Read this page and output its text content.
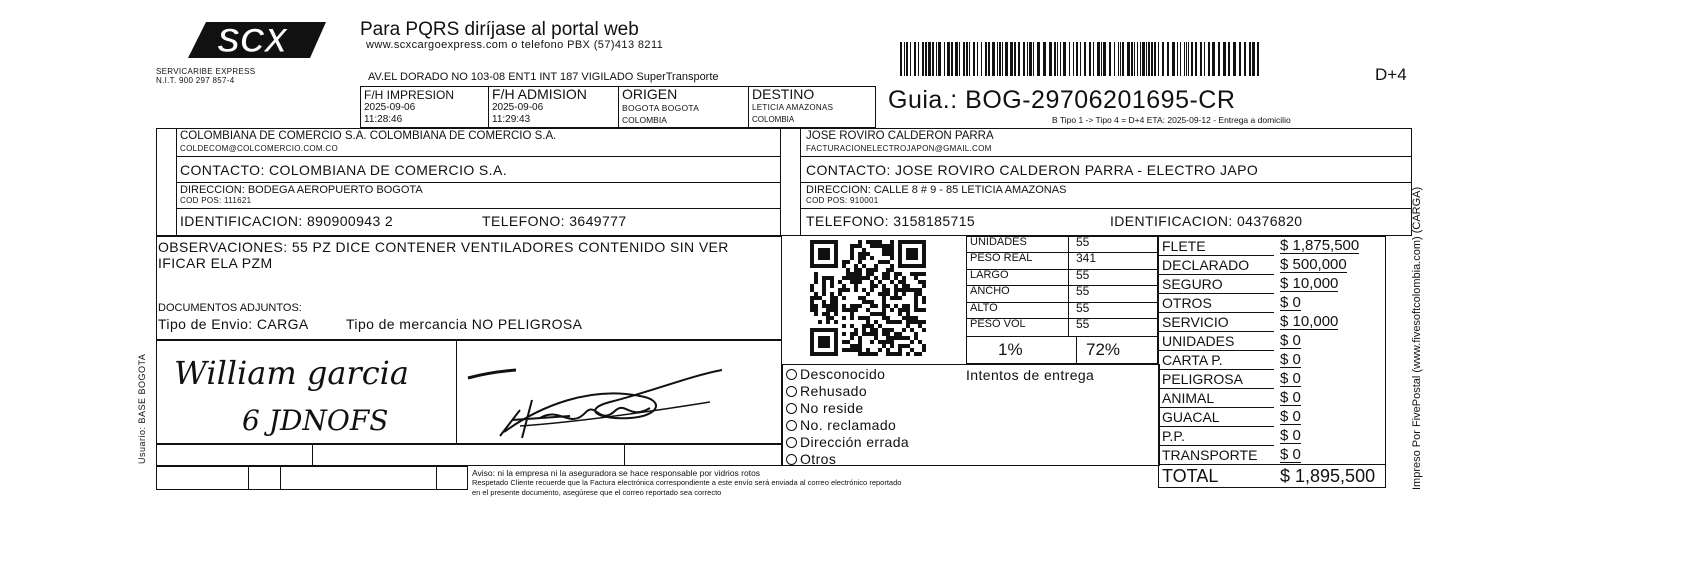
SCX
SERVICARIBE EXPRESS
N.I.T. 900 297 857-4
Para PQRS diríjase al portal web
www.scxcargoexpress.com o telefono PBX (57)413 8211
AV.EL DORADO NO 103-08 ENT1 INT 187 VIGILADO SuperTransporte	D+4
Guia.: BOG-29706201695-CR
B Tipo 1 -> Tipo 4 = D+4 ETA: 2025-09-12 - Entrega a domicilio
F/H IMPRESION
2025-09-06
11:28:46
F/H ADMISION
2025-09-06
11:29:43
ORIGEN
BOGOTA BOGOTA
COLOMBIA
DESTINO
LETICIA AMAZONAS
COLOMBIA
COLOMBIANA DE COMERCIO S.A. COLOMBIANA DE COMERCIO S.A.
COLDECOM@COLCOMERCIO.COM.CO
CONTACTO: COLOMBIANA DE COMERCIO S.A.
DIRECCION: BODEGA AEROPUERTO BOGOTA
COD POS: 111621
IDENTIFICACION: 890900943 2	TELEFONO: 3649777
JOSE ROVIRO CALDERON PARRA
FACTURACIONELECTROJAPON@GMAIL.COM
CONTACTO: JOSE ROVIRO CALDERON PARRA - ELECTRO JAPO
DIRECCION: CALLE 8 # 9 - 85 LETICIA AMAZONAS
COD POS: 910001
TELEFONO: 3158185715	IDENTIFICACION: 04376820	Impreso Por FivePostal (www.fivesoftcolombia.com) (CARGA)
OBSERVACIONES: 55 PZ DICE CONTENER VENTILADORES CONTENIDO SIN VER
IFICAR ELA PZM
DOCUMENTOS ADJUNTOS:
Tipo de Envio: CARGA	Tipo de mercancia NO PELIGROSA
UNIDADES	55
PESO REAL	341
LARGO	55
ANCHO	55
ALTO	55
PESO VOL	55
1%	72%
Desconocido
Rehusado
No reside
No. reclamado
Dirección errada
Otros
Intentos de entrega
FLETE	$ 1,875,500
DECLARADO $ 500,000
SEGURO	$ 10,000
OTROS	$ 0
SERVICIO	$ 10,000
UNIDADES	$ 0
CARTA P.	$ 0
PELIGROSA $ 0
ANIMAL	$ 0
GUACAL	$ 0
P.P.	$ 0
TRANSPORTE $ 0
TOTAL	$ 1,895,500
Usuario: BASE BOGOTA William garcia
6 JDNOFS
Aviso: ni la empresa ni la aseguradora se hace responsable por vidrios rotos
Respetado Cliente recuerde que la Factura electrónica correspondiente a este envío será enviada al correo electrónico reportado
en el presente documento, asegúrese que el correo reportado sea correcto
